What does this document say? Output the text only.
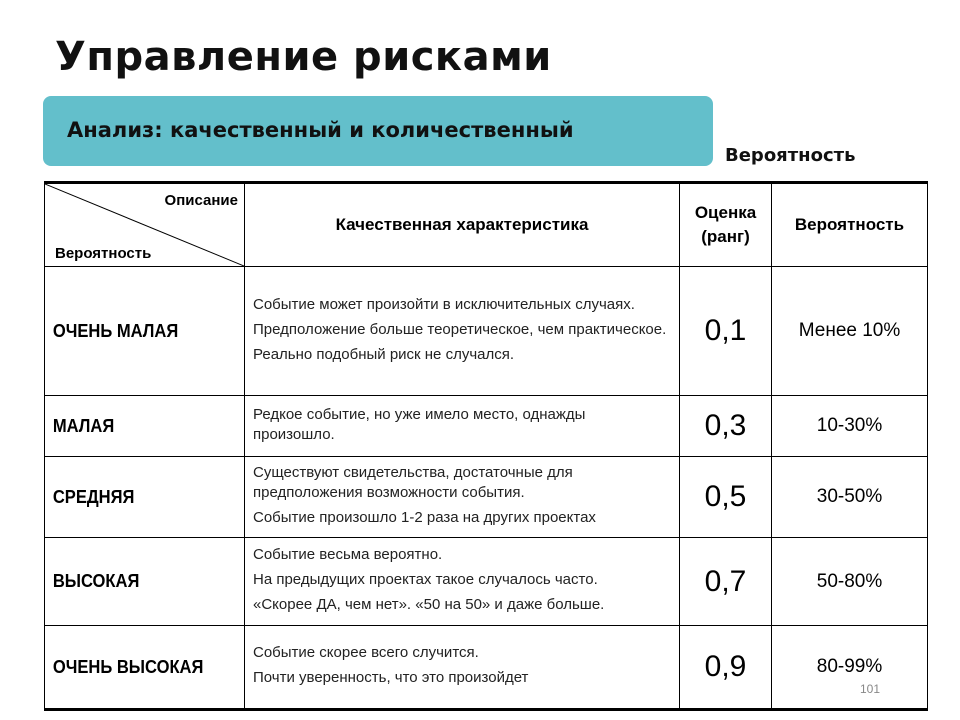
Управление рисками
Анализ: качественный и количественный
Вероятность
Описание
Вероятность	Качественная характеристика	Оценка (ранг)	Вероятность
ОЧЕНЬ МАЛАЯ	Событие может произойти в исключительных случаях.

Предположение больше теоретическое, чем практическое.

Реально подобный риск не случался.	0,1	Менее 10%
МАЛАЯ	Редкое событие, но уже имело место, однажды произошло.	0,3	10-30%
СРЕДНЯЯ	Существуют свидетельства, достаточные для предположения возможности события.

Событие произошло 1-2 раза на других проектах	0,5	30-50%
ВЫСОКАЯ	Событие весьма вероятно.

На предыдущих проектах такое случалось часто.

«Скорее ДА, чем нет». «50 на 50» и даже больше.	0,7	50-80%
ОЧЕНЬ ВЫСОКАЯ	Событие скорее всего случится.

Почти уверенность, что это произойдет	0,9	80-99%
101
